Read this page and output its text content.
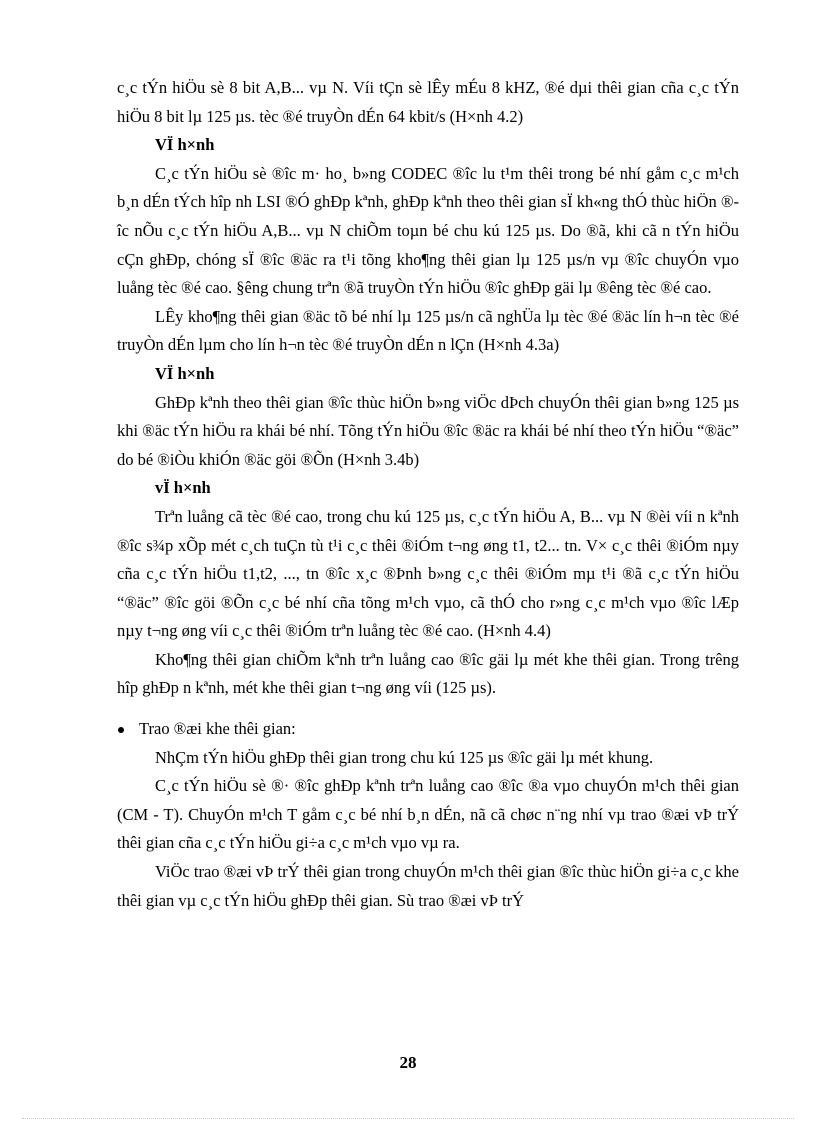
c¸c tÝn hiÖu sè 8 bit A,B... vµ N. Víi tÇn sè lÊy mÉu 8 kHZ, ®é dµi thêi gian cña c¸c tÝn hiÖu 8 bit lµ 125 µs. tèc ®é truyÒn dÉn 64 kbit/s (H×nh 4.2)

VÏ h×nh

C¸c tÝn hiÖu sè ®îc m· ho¸ b»ng CODEC ®îc lu t¹m thêi trong bé nhí gåm c¸c m¹ch b¸n dÉn tÝch hîp nh LSI ®Ó ghÐp kªnh, ghÐp kªnh theo thêi gian sÏ kh«ng thÓ thùc hiÖn ®îc nÕu c¸c tÝn hiÖu A,B... vµ N chiÕm toµn bé chu kú 125 µs. Do ®ã, khi cã n tÝn hiÖu cÇn ghÐp, chóng sÏ ®îc ®äc ra t¹i tõng kho¶ng thêi gian lµ 125 µs/n vµ ®îc chuyÓn vµo luång tèc ®é cao. §êng chung trªn ®ã truyÒn tÝn hiÖu ®îc ghÐp gäi lµ ®êng tèc ®é cao.

LÊy kho¶ng thêi gian ®äc tõ bé nhí lµ 125 µs/n cã nghÜa lµ tèc ®é ®äc lín h¬n tèc ®é truyÒn dÉn lµm cho lín h¬n tèc ®é truyÒn dÉn n lÇn (H×nh 4.3a)

VÏ h×nh

GhÐp kªnh theo thêi gian ®îc thùc hiÖn b»ng viÖc dÞch chuyÓn thêi gian b»ng 125 µs khi ®äc tÝn hiÖu ra khái bé nhí. Tõng tÝn hiÖu ®îc ®äc ra khái bé nhí theo tÝn hiÖu “®äc” do bé ®iÒu khiÓn ®äc göi ®Õn (H×nh 3.4b)

vÏ h×nh

Trªn luång cã tèc ®é cao, trong chu kú 125 µs, c¸c tÝn hiÖu A, B... vµ N ®èi víi n kªnh ®îc s¾p xÕp mét c¸ch tuÇn tù t¹i c¸c thêi ®iÓm t¬ng øng t1, t2... tn. V× c¸c thêi ®iÓm nµy cña c¸c tÝn hiÖu t1,t2, ..., tn ®îc x¸c ®Þnh b»ng c¸c thêi ®iÓm mµ t¹i ®ã c¸c tÝn hiÖu “®äc” ®îc göi ®Õn c¸c bé nhí cña tõng m¹ch vµo, cã thÓ cho r»ng c¸c m¹ch vµo ®îc lÆp nµy t¬ng øng víi c¸c thêi ®iÓm trªn luång tèc ®é cao. (H×nh 4.4)

Kho¶ng thêi gian chiÕm kªnh trªn luång cao ®îc gäi lµ mét khe thêi gian. Trong trêng hîp ghÐp n kªnh, mét khe thêi gian t¬ng øng víi (125 µs).

Trao ®æi khe thêi gian:

NhÇm tÝn hiÖu ghÐp thêi gian trong chu kú 125 µs ®îc gäi lµ mét khung.

C¸c tÝn hiÖu sè ®· ®îc ghÐp kªnh trªn luång cao ®îc ®a vµo chuyÓn m¹ch thêi gian (CM - T). ChuyÓn m¹ch T gåm c¸c bé nhí b¸n dÉn, nã cã chøc n¨ng nhí vµ trao ®æi vÞ trÝ thêi gian cña c¸c tÝn hiÖu gi÷a c¸c m¹ch vµo vµ ra.

ViÖc trao ®æi vÞ trÝ thêi gian trong chuyÓn m¹ch thêi gian ®îc thùc hiÖn gi÷a c¸c khe thêi gian vµ c¸c tÝn hiÖu ghÐp thêi gian. Sù trao ®æi vÞ trÝ

28
